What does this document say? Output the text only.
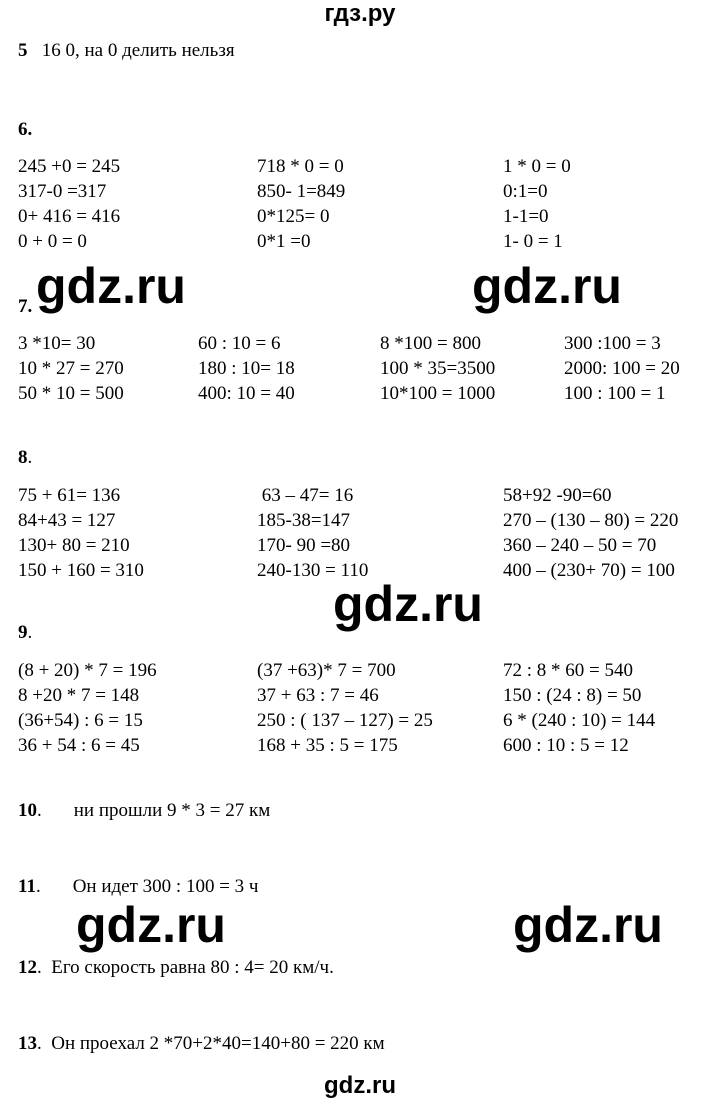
гдз.ру
5 16 0, на 0 делить нельзя
6.
245 +0 = 245
317-0 =317
0+ 416 = 416
0 + 0 = 0
718 * 0 = 0
850- 1=849
0*125= 0
0*1 =0
1 * 0 = 0
0:1=0
1-1=0
1- 0 = 1
gdz.ru	gdz.ru
7.
3 *10= 30
10 * 27 = 270
50 * 10 = 500
60 : 10 = 6
180 : 10= 18
400: 10 = 40
8 *100 = 800
100 * 35=3500
10*100 = 1000
300 :100 = 3
2000: 100 = 20
100 : 100 = 1
8.
75 + 61= 136
84+43 = 127
130+ 80 = 210
150 + 160 = 310
63 – 47= 16
185-38=147
170- 90 =80
240-130 = 110
58+92 -90=60
270 – (130 – 80) = 220
360 – 240 – 50 = 70
400 – (230+ 70) = 100
gdz.ru
9.
(8 + 20) * 7 = 196
8 +20 * 7 = 148
(36+54) : 6 = 15
36 + 54 : 6 = 45
(37 +63)* 7 = 700
37 + 63 : 7 = 46
250 : ( 137 – 127) = 25
168 + 35 : 5 = 175
72 : 8 * 60 = 540
150 : (24 : 8) = 50
6 * (240 : 10) = 144
600 : 10 : 5 = 12
10. ни прошли 9 * 3 = 27 км
11. Он идет 300 : 100 = 3 ч
gdz.ru	gdz.ru
12. Его скорость равна 80 : 4= 20 км/ч.
13. Он проехал 2 *70+2*40=140+80 = 220 км
gdz.ru
